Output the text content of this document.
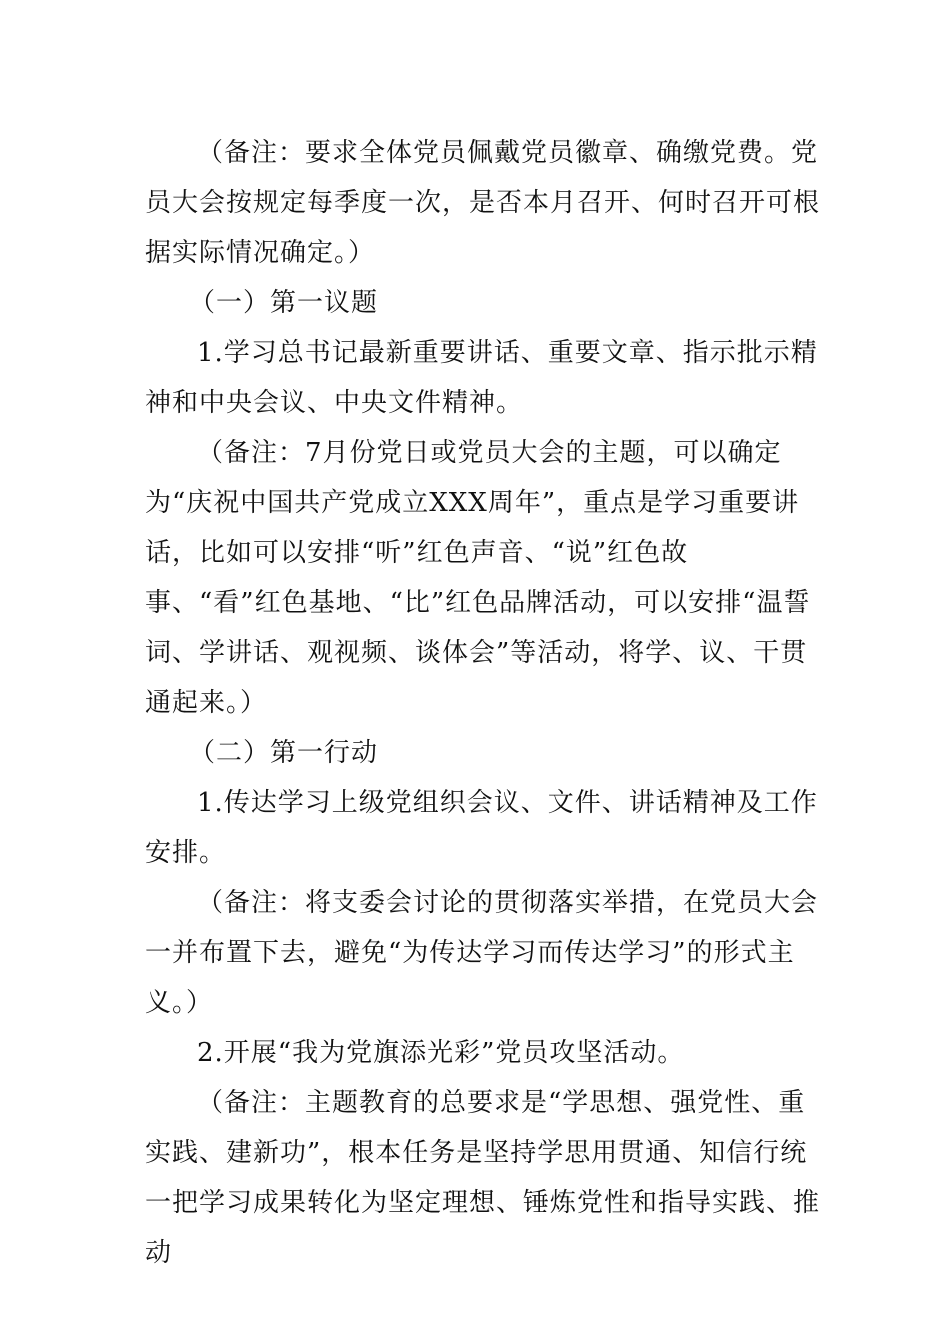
（备注：要求全体党员佩戴党员徽章、确缴党费。党员大会按规定每季度一次，是否本月召开、何时召开可根据实际情况确定。）

（一）第一议题

1.学习总书记最新重要讲话、重要文章、指示批示精神和中央会议、中央文件精神。

（备注：7月份党日或党员大会的主题，可以确定为“庆祝中国共产党成立XXX周年”，重点是学习重要讲话，比如可以安排“听”红色声音、“说”红色故事、“看”红色基地、“比”红色品牌活动，可以安排“温誓词、学讲话、观视频、谈体会”等活动，将学、议、干贯通起来。）

（二）第一行动

1.传达学习上级党组织会议、文件、讲话精神及工作安排。

（备注：将支委会讨论的贯彻落实举措，在党员大会一并布置下去，避免“为传达学习而传达学习”的形式主义。）

2.开展“我为党旗添光彩”党员攻坚活动。

（备注：主题教育的总要求是“学思想、强党性、重实践、建新功”，根本任务是坚持学思用贯通、知信行统一把学习成果转化为坚定理想、锤炼党性和指导实践、推动
